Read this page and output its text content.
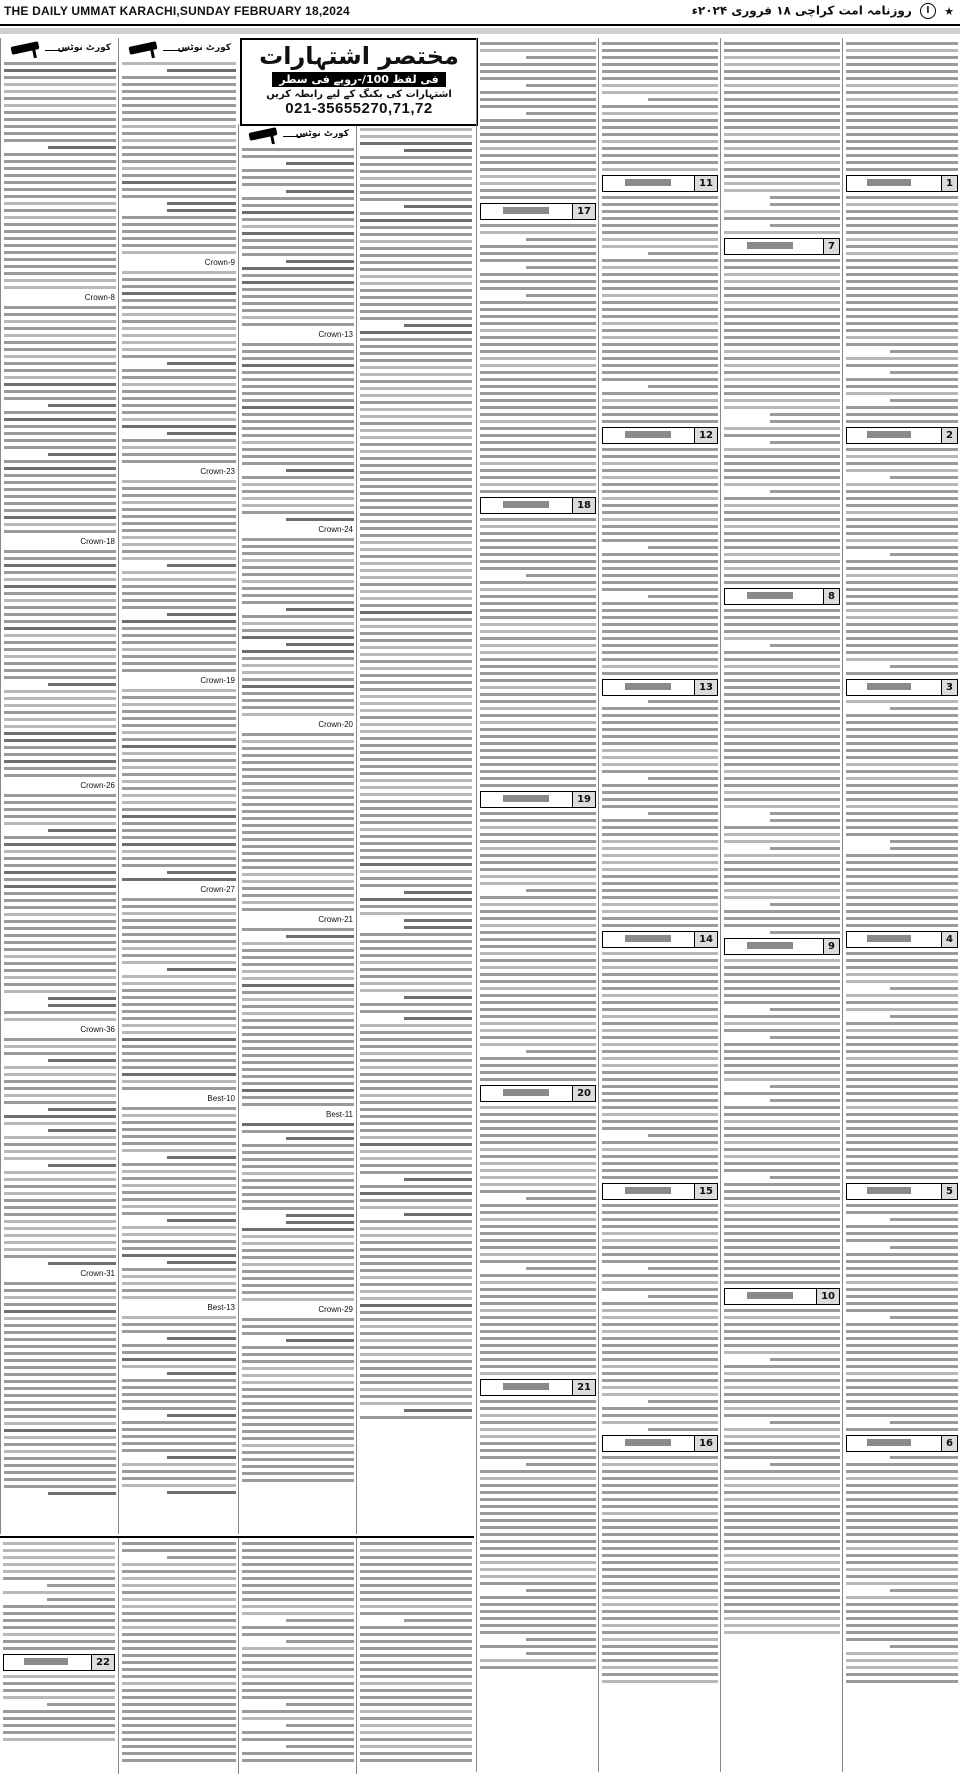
THE DAILY UMMAT KARACHI,SUNDAY FEBRUARY 18,2024	★ ا روزنامہ امت کراچی ۱۸ فروری ۲۰۲۴ء
کورٹ نوٹس
Crown-8
Crown-18
Crown-26
Crown-36
Crown-31
کورٹ نوٹس
Crown-9
Crown-23
Crown-19
Crown-27
Best-10
Best-13
کورٹ نوٹس
Crown-13
Crown-24
Crown-20
Crown-21
Best-11
Crown-29
مختصر اشتہارات
فی لفظ 100/-روپے فی سطر
اشتہارات کی بکنگ کے لیے رابطہ کریں
021-35655270,71,72
17
18
19
20
21
11
12
13
14
15
16
7
8
9
10
1
2
3
4
5
6
22
